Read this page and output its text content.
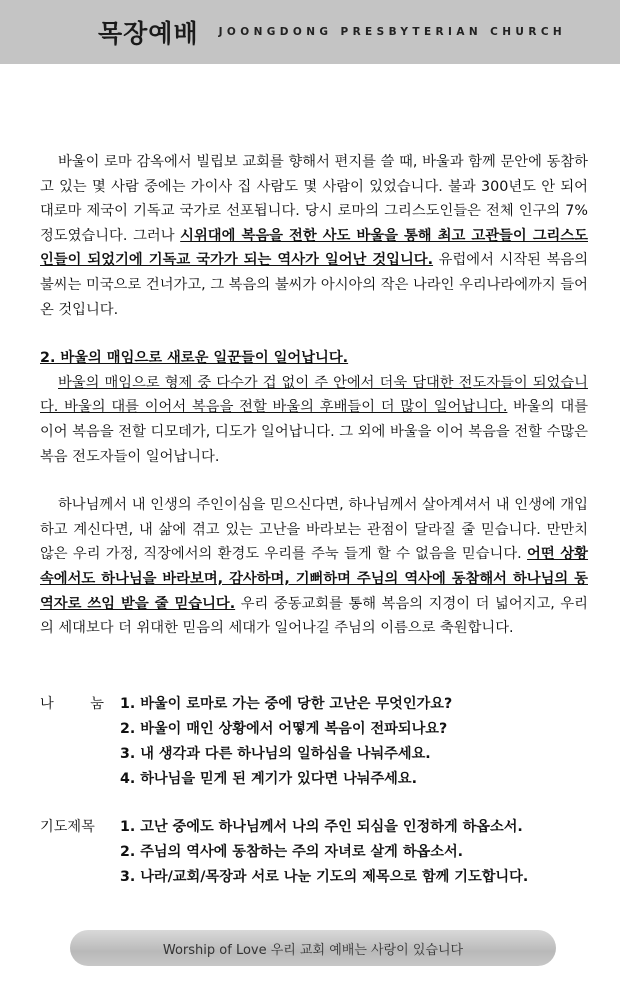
목장예배 JOONGDONG PRESBYTERIAN CHURCH

바울이 로마 감옥에서 빌립보 교회를 향해서 편지를 쓸 때, 바울과 함께 문안에 동참하고 있는 몇 사람 중에는 가이사 집 사람도 몇 사람이 있었습니다. 불과 300년도 안 되어 대로마 제국이 기독교 국가로 선포됩니다. 당시 로마의 그리스도인들은 전체 인구의 7%정도였습니다. 그러나 시위대에 복음을 전한 사도 바울을 통해 최고 고관들이 그리스도인들이 되었기에 기독교 국가가 되는 역사가 일어난 것입니다. 유럽에서 시작된 복음의 불씨는 미국으로 건너가고, 그 복음의 불씨가 아시아의 작은 나라인 우리나라에까지 들어온 것입니다.

2. 바울의 매임으로 새로운 일꾼들이 일어납니다.

바울의 매임으로 형제 중 다수가 겁 없이 주 안에서 더욱 담대한 전도자들이 되었습니다. 바울의 대를 이어서 복음을 전할 바울의 후배들이 더 많이 일어납니다. 바울의 대를 이어 복음을 전할 디모데가, 디도가 일어납니다. 그 외에 바울을 이어 복음을 전할 수많은 복음 전도자들이 일어납니다.

하나님께서 내 인생의 주인이심을 믿으신다면, 하나님께서 살아계셔서 내 인생에 개입하고 계신다면, 내 삶에 겪고 있는 고난을 바라보는 관점이 달라질 줄 믿습니다. 만만치 않은 우리 가정, 직장에서의 환경도 우리를 주눅 들게 할 수 없음을 믿습니다. 어떤 상황 속에서도 하나님을 바라보며, 감사하며, 기뻐하며 주님의 역사에 동참해서 하나님의 동역자로 쓰임 받을 줄 믿습니다. 우리 중동교회를 통해 복음의 지경이 더 넓어지고, 우리의 세대보다 더 위대한 믿음의 세대가 일어나길 주님의 이름으로 축원합니다.

나	눔 1. 바울이 로마로 가는 중에 당한 고난은 무엇인가요?
2. 바울이 매인 상황에서 어떻게 복음이 전파되나요?
3. 내 생각과 다른 하나님의 일하심을 나눠주세요.
4. 하나님을 믿게 된 계기가 있다면 나눠주세요.
기도제목	1. 고난 중에도 하나님께서 나의 주인 되심을 인정하게 하옵소서.
2. 주님의 역사에 동참하는 주의 자녀로 살게 하옵소서.
3. 나라/교회/목장과 서로 나눈 기도의 제목으로 함께 기도합니다.
Worship of Love 우리 교회 예배는 사랑이 있습니다
